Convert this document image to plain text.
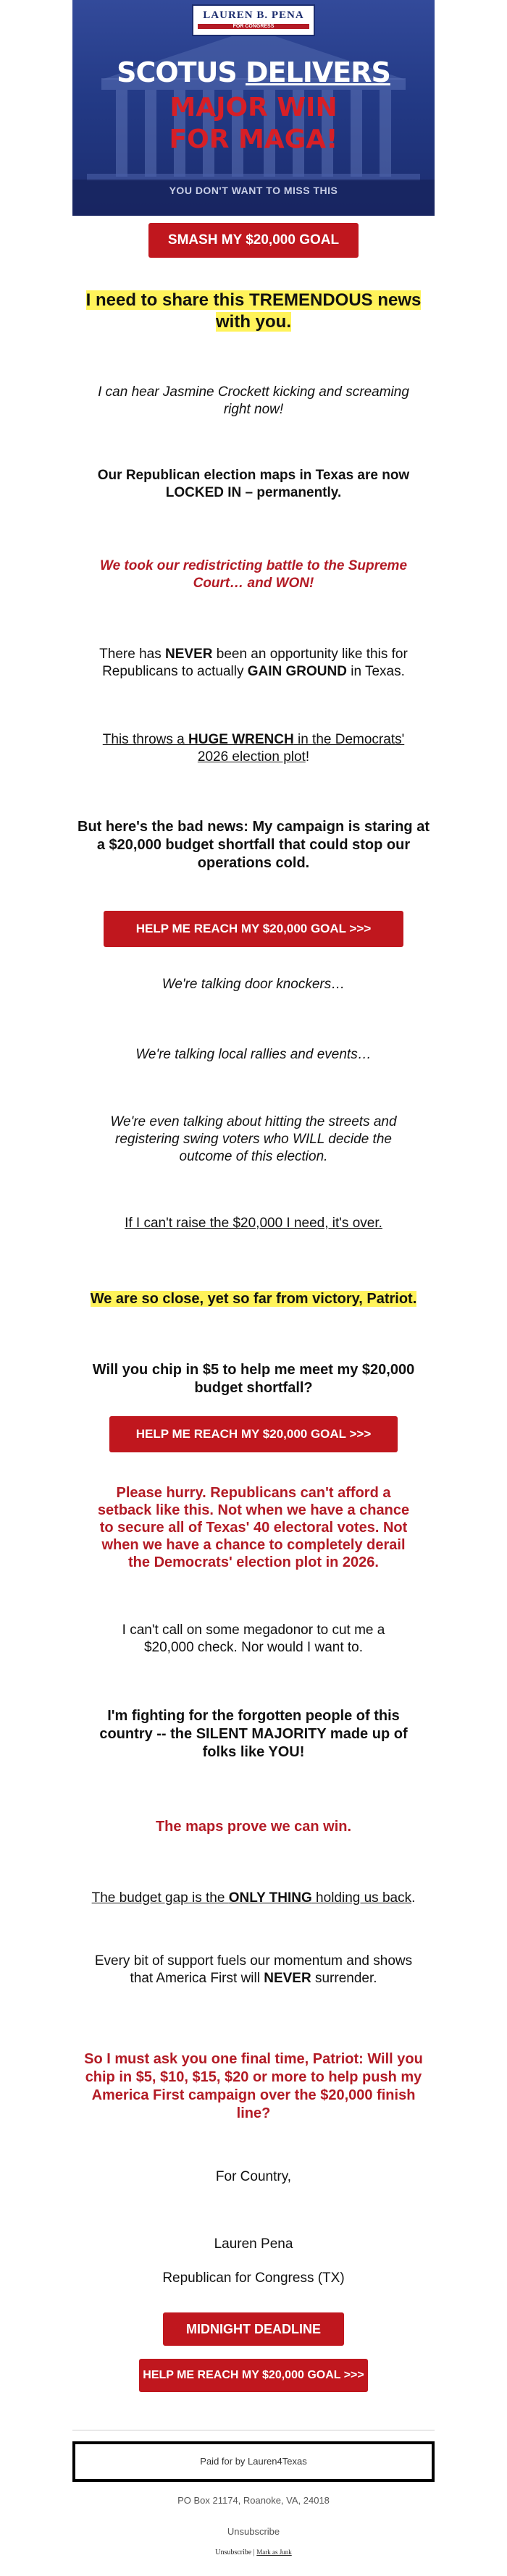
LAUREN B. PENA
FOR CONGRESS
SCOTUS DELIVERS
MAJOR WIN
FOR MAGA!
YOU DON'T WANT TO MISS THIS
SMASH MY $20,000 GOAL
I need to share this TREMENDOUS news with you.
I can hear Jasmine Crockett kicking and screaming right now!
Our Republican election maps in Texas are now LOCKED IN – permanently.
We took our redistricting battle to the Supreme Court… and WON!
There has NEVER been an opportunity like this for Republicans to actually GAIN GROUND in Texas.
This throws a HUGE WRENCH in the Democrats' 2026 election plot!
But here's the bad news: My campaign is staring at a $20,000 budget shortfall that could stop our operations cold.
HELP ME REACH MY $20,000 GOAL >>>
We're talking door knockers…
We're talking local rallies and events…
We're even talking about hitting the streets and registering swing voters who WILL decide the outcome of this election.
If I can't raise the $20,000 I need, it's over.
We are so close, yet so far from victory, Patriot.
Will you chip in $5 to help me meet my $20,000 budget shortfall?
HELP ME REACH MY $20,000 GOAL >>>
Please hurry. Republicans can't afford a setback like this. Not when we have a chance to secure all of Texas' 40 electoral votes. Not when we have a chance to completely derail the Democrats' election plot in 2026.
I can't call on some megadonor to cut me a $20,000 check. Nor would I want to.
I'm fighting for the forgotten people of this country -- the SILENT MAJORITY made up of folks like YOU!
The maps prove we can win.
The budget gap is the ONLY THING holding us back.
Every bit of support fuels our momentum and shows that America First will NEVER surrender.
So I must ask you one final time, Patriot: Will you chip in $5, $10, $15, $20 or more to help push my America First campaign over the $20,000 finish line?
For Country,
Lauren Pena
Republican for Congress (TX)
MIDNIGHT DEADLINE
HELP ME REACH MY $20,000 GOAL >>>
Paid for by Lauren4Texas
PO Box 21174, Roanoke, VA, 24018
Unsubscribe
Unsubscribe | Mark as Junk
